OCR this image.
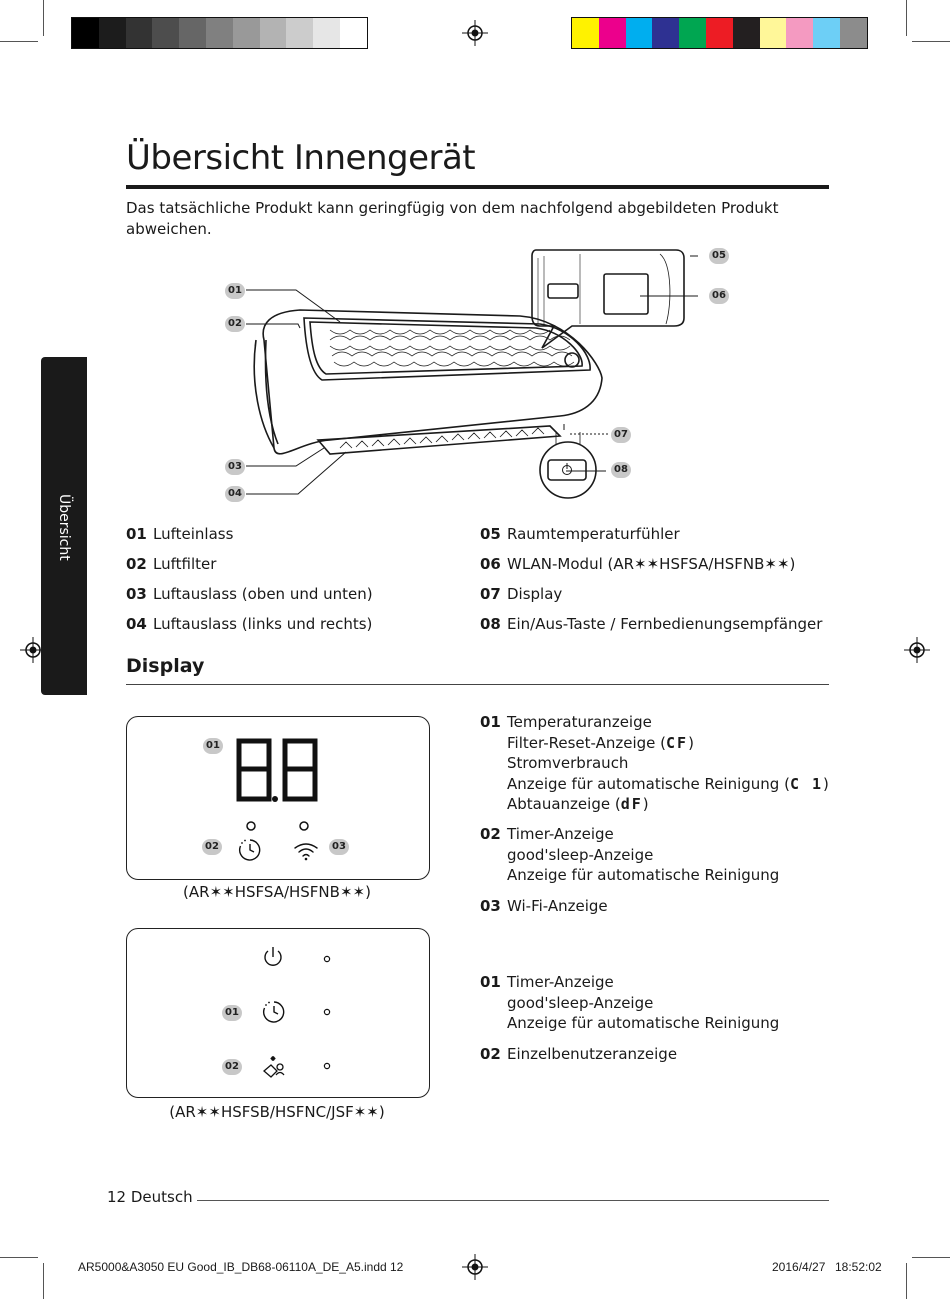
Übersicht
Übersicht Innengerät
Das tatsächliche Produkt kann geringfügig von dem nachfolgend abgebildeten Produkt abweichen.
01
02
03
04
05
06
07
08
01 Lufteinlass
02 Luftfilter
03 Luftauslass (oben und unten)
04 Luftauslass (links und rechts)
05 Raumtemperaturfühler
06 WLAN-Modul (AR✶✶HSFSA/HSFNB✶✶)
07 Display
08 Ein/Aus-Taste / Fernbedienungsempfänger
Display
01
02	03
(AR✶✶HSFSA/HSFNB✶✶)
01 Temperaturanzeige
Filter-Reset-Anzeige (CF)
Stromverbrauch
Anzeige für automatische Reinigung (C 1)
Abtauanzeige (dF)
02 Timer-Anzeige
good'sleep-Anzeige
Anzeige für automatische Reinigung
03 Wi-Fi-Anzeige
01
02
(AR✶✶HSFSB/HSFNC/JSF✶✶)
01 Timer-Anzeige
good'sleep-Anzeige
Anzeige für automatische Reinigung
02 Einzelbenutzeranzeige
12 Deutsch
AR5000&A3050 EU Good_IB_DB68-06110A_DE_A5.indd 12	2016/4/27 18:52:02
